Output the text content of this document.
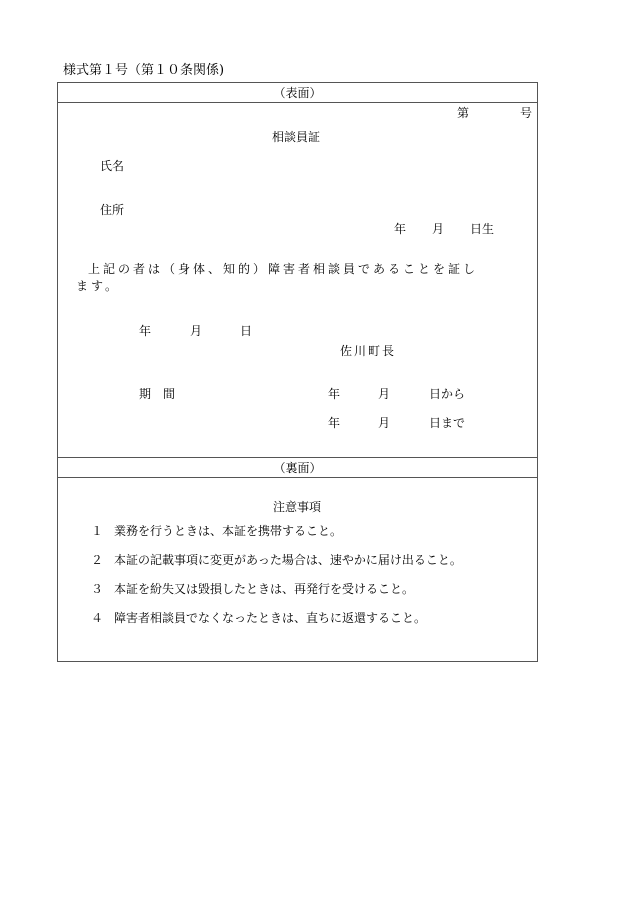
様式第１号（第１０条関係)
（表面）
第	号
相談員証
氏名
住所
年 月 日生
上記の者は（身体、知的）障害者相談員であることを証し
ます。
年	月	日
佐川町長
期　間	年	月	日から
年	月	日まで
（裏面）
注意事項
１ 業務を行うときは、本証を携帯すること。
２ 本証の記載事項に変更があった場合は、速やかに届け出ること。
３ 本証を紛失又は毀損したときは、再発行を受けること。
４ 障害者相談員でなくなったときは、直ちに返還すること。
